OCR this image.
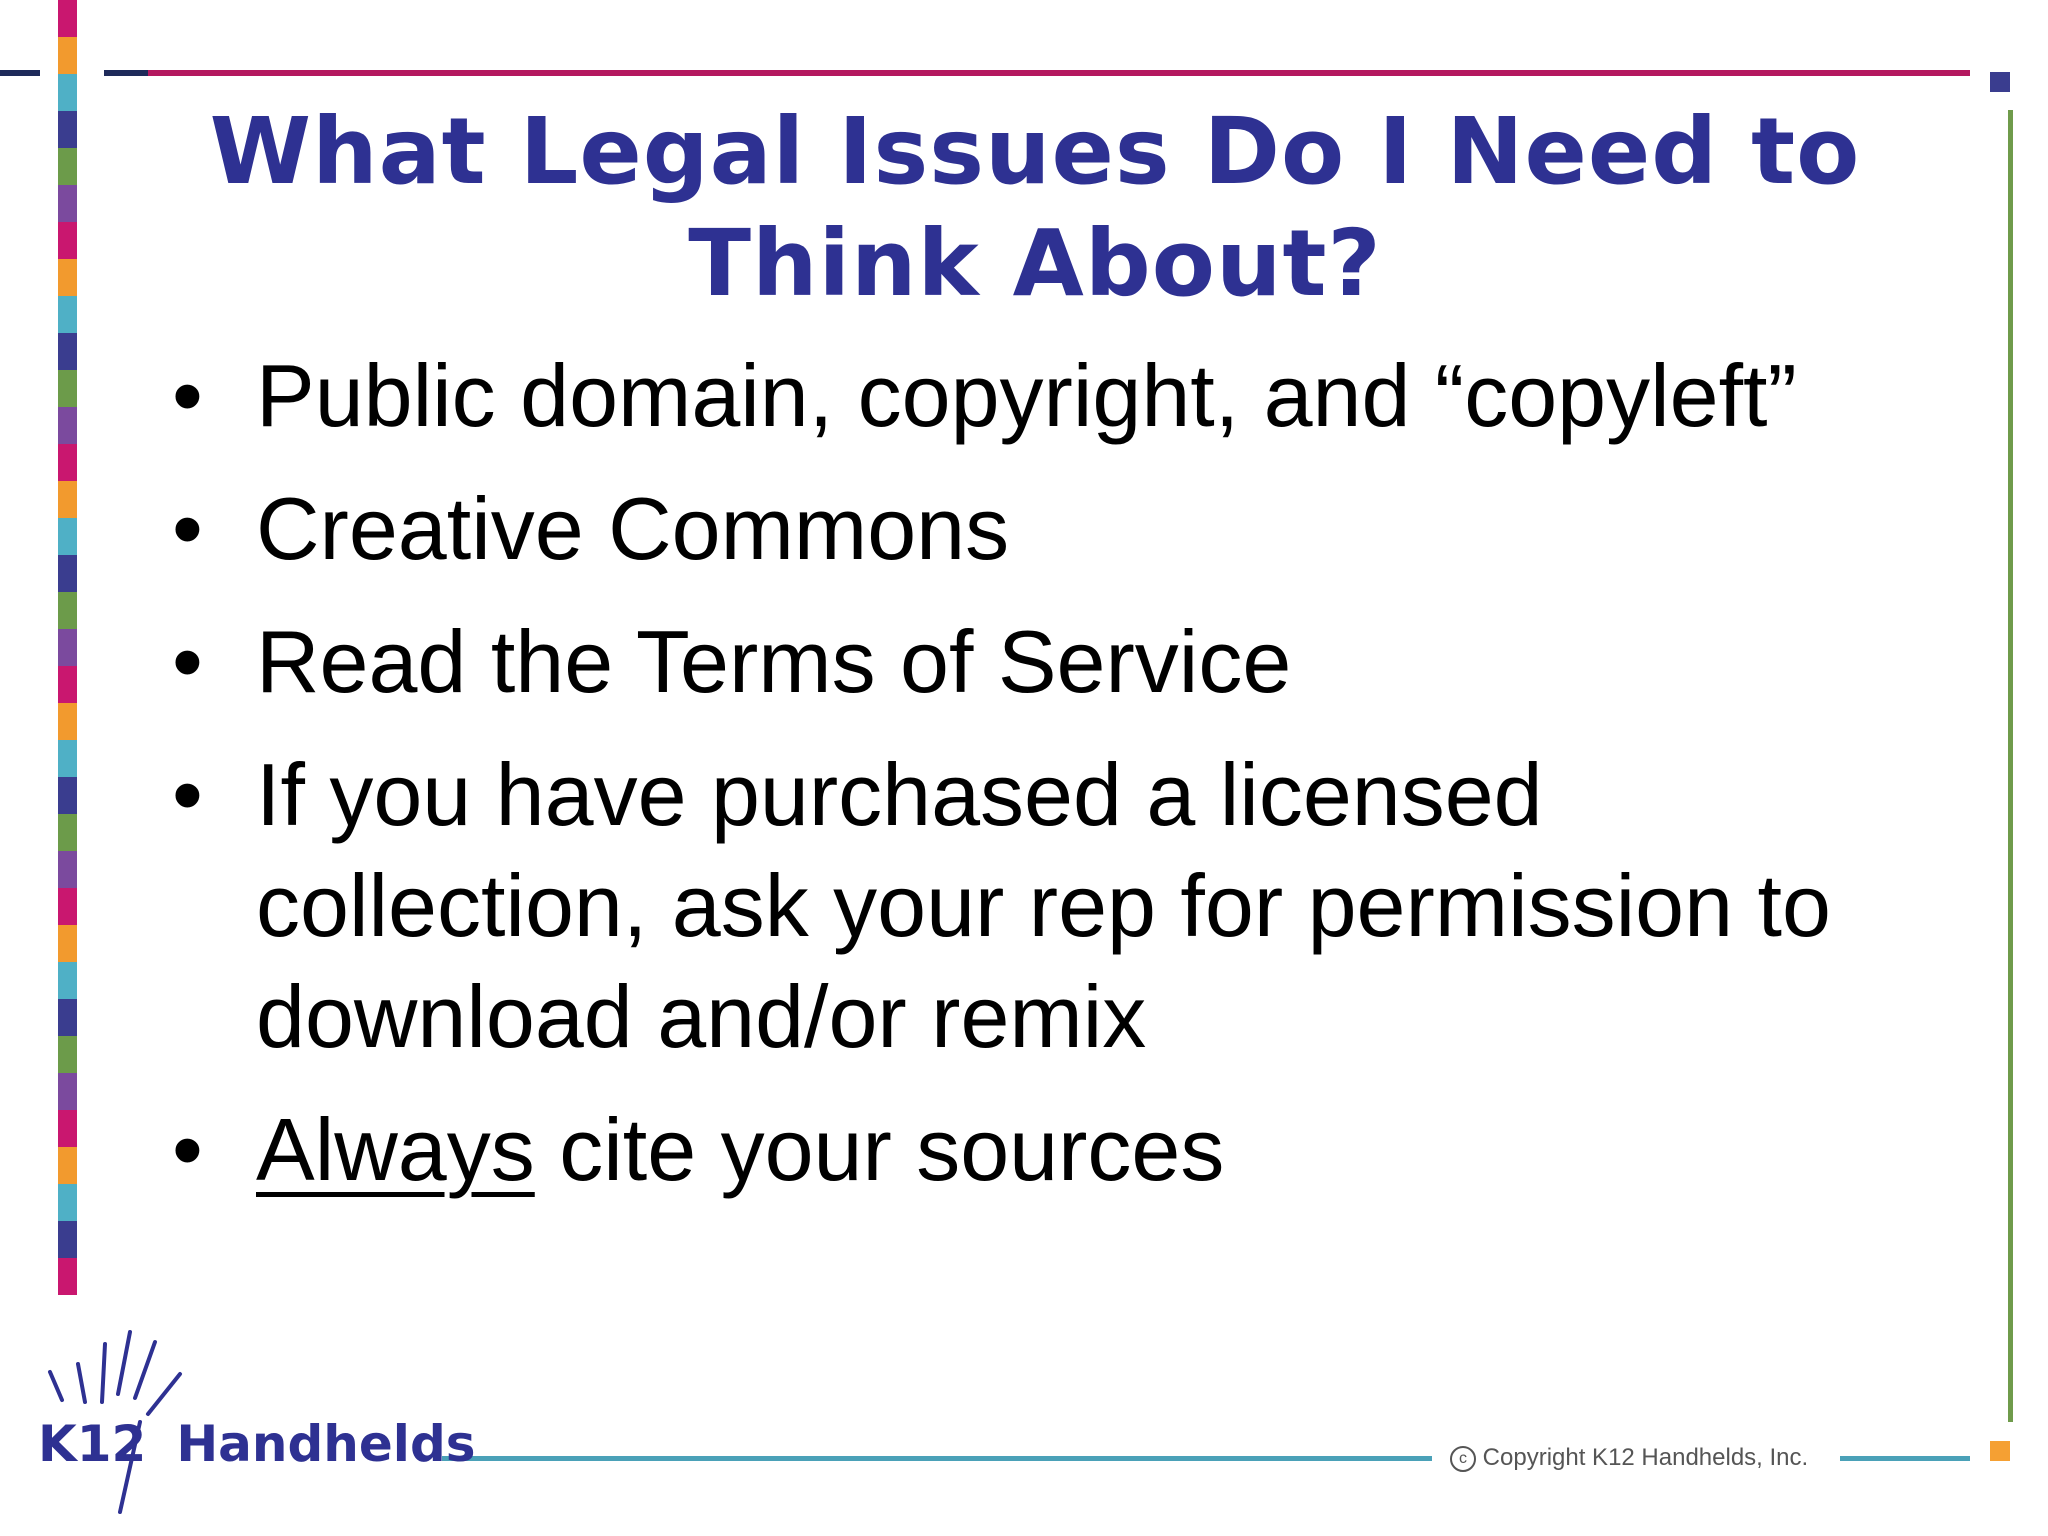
What Legal Issues Do I Need to
Think About?
• Public domain, copyright, and “copyleft”
• Creative Commons
• Read the Terms of Service
• If you have purchased a licensed collection, ask your rep for permission to download and/or remix
• Always cite your sources
K12 Handhelds	c Copyright K12 Handhelds, Inc.
